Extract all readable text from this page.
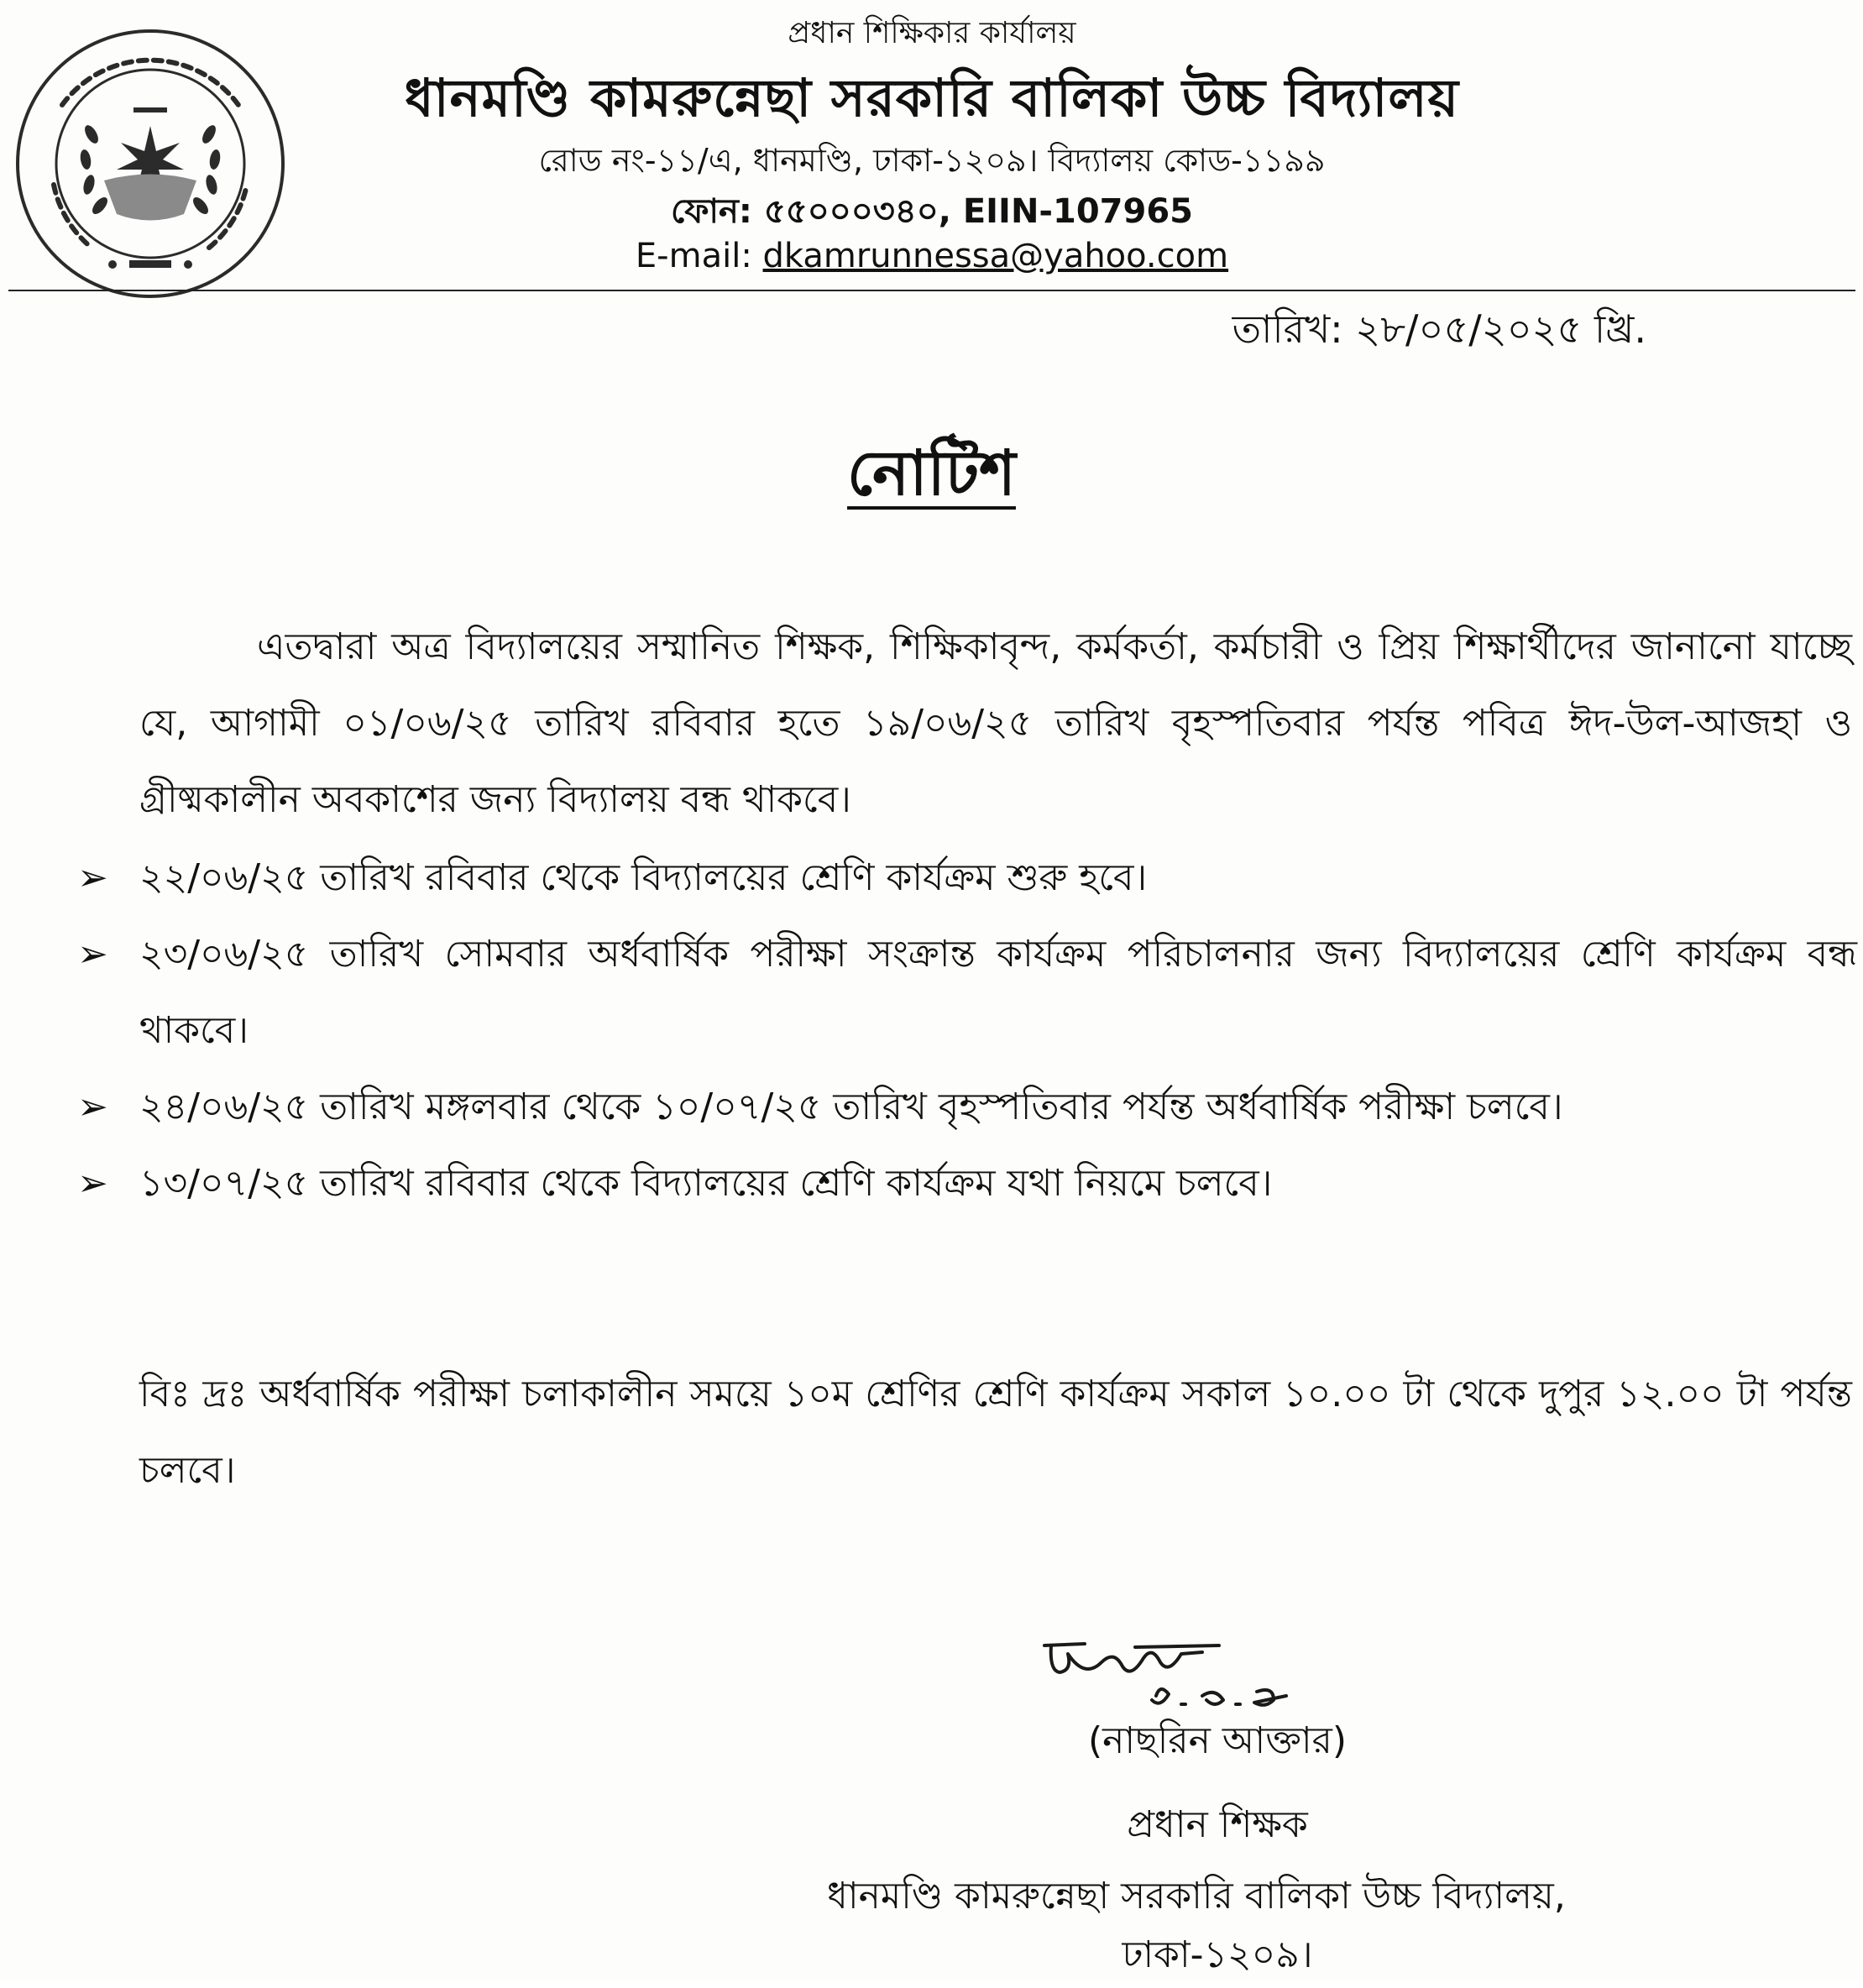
প্রধান শিক্ষিকার কার্যালয়
ধানমণ্ডি কামরুন্নেছা সরকারি বালিকা উচ্চ বিদ্যালয়
রোড নং-১১/এ, ধানমণ্ডি, ঢাকা-১২০৯। বিদ্যালয় কোড-১১৯৯
ফোন: ৫৫০০০৩৪০, EIIN-107965
E-mail: dkamrunnessa@yahoo.com
তারিখ: ২৮/০৫/২০২৫ খ্রি.
নোটিশ
এতদ্বারা অত্র বিদ্যালয়ের সম্মানিত শিক্ষক, শিক্ষিকাবৃন্দ, কর্মকর্তা, কর্মচারী ও প্রিয় শিক্ষার্থীদের জানানো যাচ্ছে যে, আগামী ০১/০৬/২৫ তারিখ রবিবার হতে ১৯/০৬/২৫ তারিখ বৃহস্পতিবার পর্যন্ত পবিত্র ঈদ-উল-আজহা ও গ্রীষ্মকালীন অবকাশের জন্য বিদ্যালয় বন্ধ থাকবে।
➢ ২২/০৬/২৫ তারিখ রবিবার থেকে বিদ্যালয়ের শ্রেণি কার্যক্রম শুরু হবে।
➢ ২৩/০৬/২৫ তারিখ সোমবার অর্ধবার্ষিক পরীক্ষা সংক্রান্ত কার্যক্রম পরিচালনার জন্য বিদ্যালয়ের শ্রেণি কার্যক্রম বন্ধ থাকবে।
➢ ২৪/০৬/২৫ তারিখ মঙ্গলবার থেকে ১০/০৭/২৫ তারিখ বৃহস্পতিবার পর্যন্ত অর্ধবার্ষিক পরীক্ষা চলবে।
➢ ১৩/০৭/২৫ তারিখ রবিবার থেকে বিদ্যালয়ের শ্রেণি কার্যক্রম যথা নিয়মে চলবে।
বিঃ দ্রঃ অর্ধবার্ষিক পরীক্ষা চলাকালীন সময়ে ১০ম শ্রেণির শ্রেণি কার্যক্রম সকাল ১০.০০ টা থেকে দুপুর ১২.০০ টা পর্যন্ত চলবে।
(নাছরিন আক্তার)
প্রধান শিক্ষক
ধানমণ্ডি কামরুন্নেছা সরকারি বালিকা উচ্চ বিদ্যালয়,
ঢাকা-১২০৯।
